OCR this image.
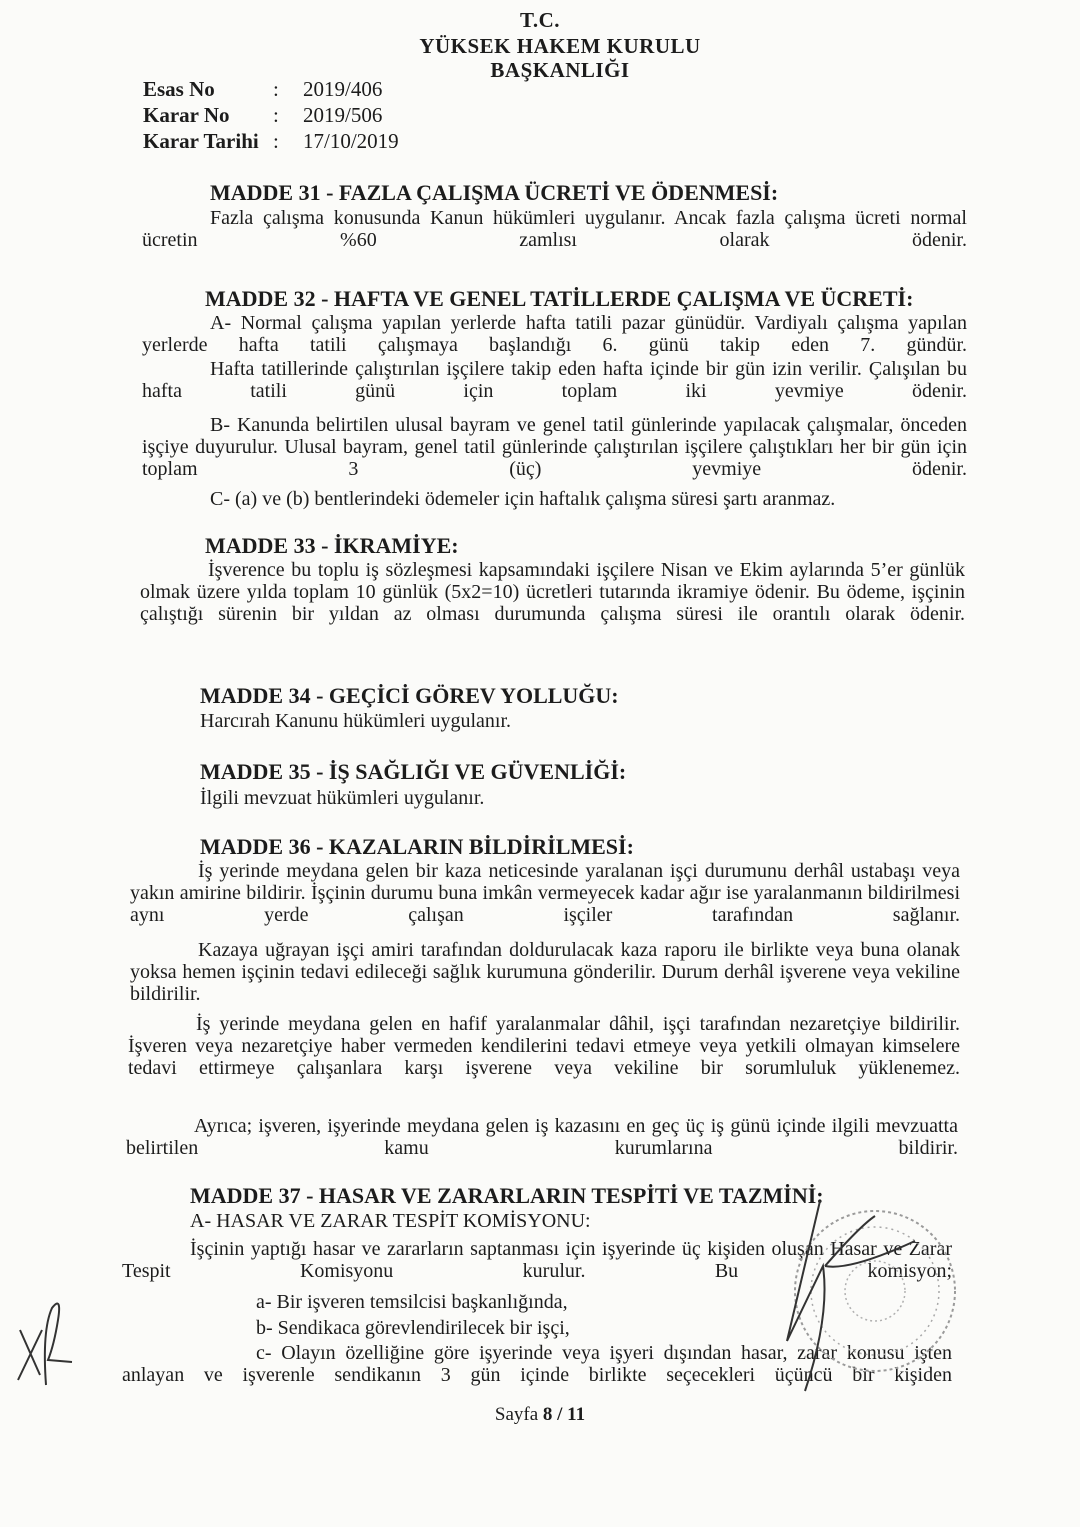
T.C.
YÜKSEK HAKEM KURULU
BAŞKANLIĞI
Esas No	:	2019/406
Karar No	:	2019/506
Karar Tarihi :	17/10/2019
MADDE 31 - FAZLA ÇALIŞMA ÜCRETİ VE ÖDENMESİ:
Fazla çalışma konusunda Kanun hükümleri uygulanır. Ancak fazla çalışma ücreti normal ücretin %60 zamlısı olarak ödenir.
MADDE 32 - HAFTA VE GENEL TATİLLERDE ÇALIŞMA VE ÜCRETİ:
A- Normal çalışma yapılan yerlerde hafta tatili pazar günüdür. Vardiyalı çalışma yapılan yerlerde hafta tatili çalışmaya başlandığı 6. günü takip eden 7. gündür.
Hafta tatillerinde çalıştırılan işçilere takip eden hafta içinde bir gün izin verilir. Çalışılan bu hafta tatili günü için toplam iki yevmiye ödenir.
B- Kanunda belirtilen ulusal bayram ve genel tatil günlerinde yapılacak çalışmalar, önceden işçiye duyurulur. Ulusal bayram, genel tatil günlerinde çalıştırılan işçilere çalıştıkları her bir gün için toplam 3 (üç) yevmiye ödenir.
C- (a) ve (b) bentlerindeki ödemeler için haftalık çalışma süresi şartı aranmaz.
MADDE 33 - İKRAMİYE:
İşverence bu toplu iş sözleşmesi kapsamındaki işçilere Nisan ve Ekim aylarında 5’er günlük olmak üzere yılda toplam 10 günlük (5x2=10) ücretleri tutarında ikramiye ödenir. Bu ödeme, işçinin çalıştığı sürenin bir yıldan az olması durumunda çalışma süresi ile orantılı olarak ödenir.
MADDE 34 - GEÇİCİ GÖREV YOLLUĞU:
Harcırah Kanunu hükümleri uygulanır.
MADDE 35 - İŞ SAĞLIĞI VE GÜVENLİĞİ:
İlgili mevzuat hükümleri uygulanır.
MADDE 36 - KAZALARIN BİLDİRİLMESİ:
İş yerinde meydana gelen bir kaza neticesinde yaralanan işçi durumunu derhâl ustabaşı veya yakın amirine bildirir. İşçinin durumu buna imkân vermeyecek kadar ağır ise yaralanmanın bildirilmesi aynı yerde çalışan işçiler tarafından sağlanır.
Kazaya uğrayan işçi amiri tarafından doldurulacak kaza raporu ile birlikte veya buna olanak yoksa hemen işçinin tedavi edileceği sağlık kurumuna gönderilir. Durum derhâl işverene veya vekiline bildirilir.
İş yerinde meydana gelen en hafif yaralanmalar dâhil, işçi tarafından nezaretçiye bildirilir. İşveren veya nezaretçiye haber vermeden kendilerini tedavi etmeye veya yetkili olmayan kimselere tedavi ettirmeye çalışanlara karşı işverene veya vekiline bir sorumluluk yüklenemez.
Ayrıca; işveren, işyerinde meydana gelen iş kazasını en geç üç iş günü içinde ilgili mevzuatta belirtilen kamu kurumlarına bildirir.
MADDE 37 - HASAR VE ZARARLARIN TESPİTİ VE TAZMİNİ:
A- HASAR VE ZARAR TESPİT KOMİSYONU:
İşçinin yaptığı hasar ve zararların saptanması için işyerinde üç kişiden oluşan Hasar ve Zarar Tespit Komisyonu kurulur. Bu komisyon;
a- Bir işveren temsilcisi başkanlığında,
b- Sendikaca görevlendirilecek bir işçi,
c- Olayın özelliğine göre işyerinde veya işyeri dışından hasar, zarar konusu işten anlayan ve işverenle sendikanın 3 gün içinde birlikte seçecekleri üçüncü bir kişiden
Sayfa 8 / 11
